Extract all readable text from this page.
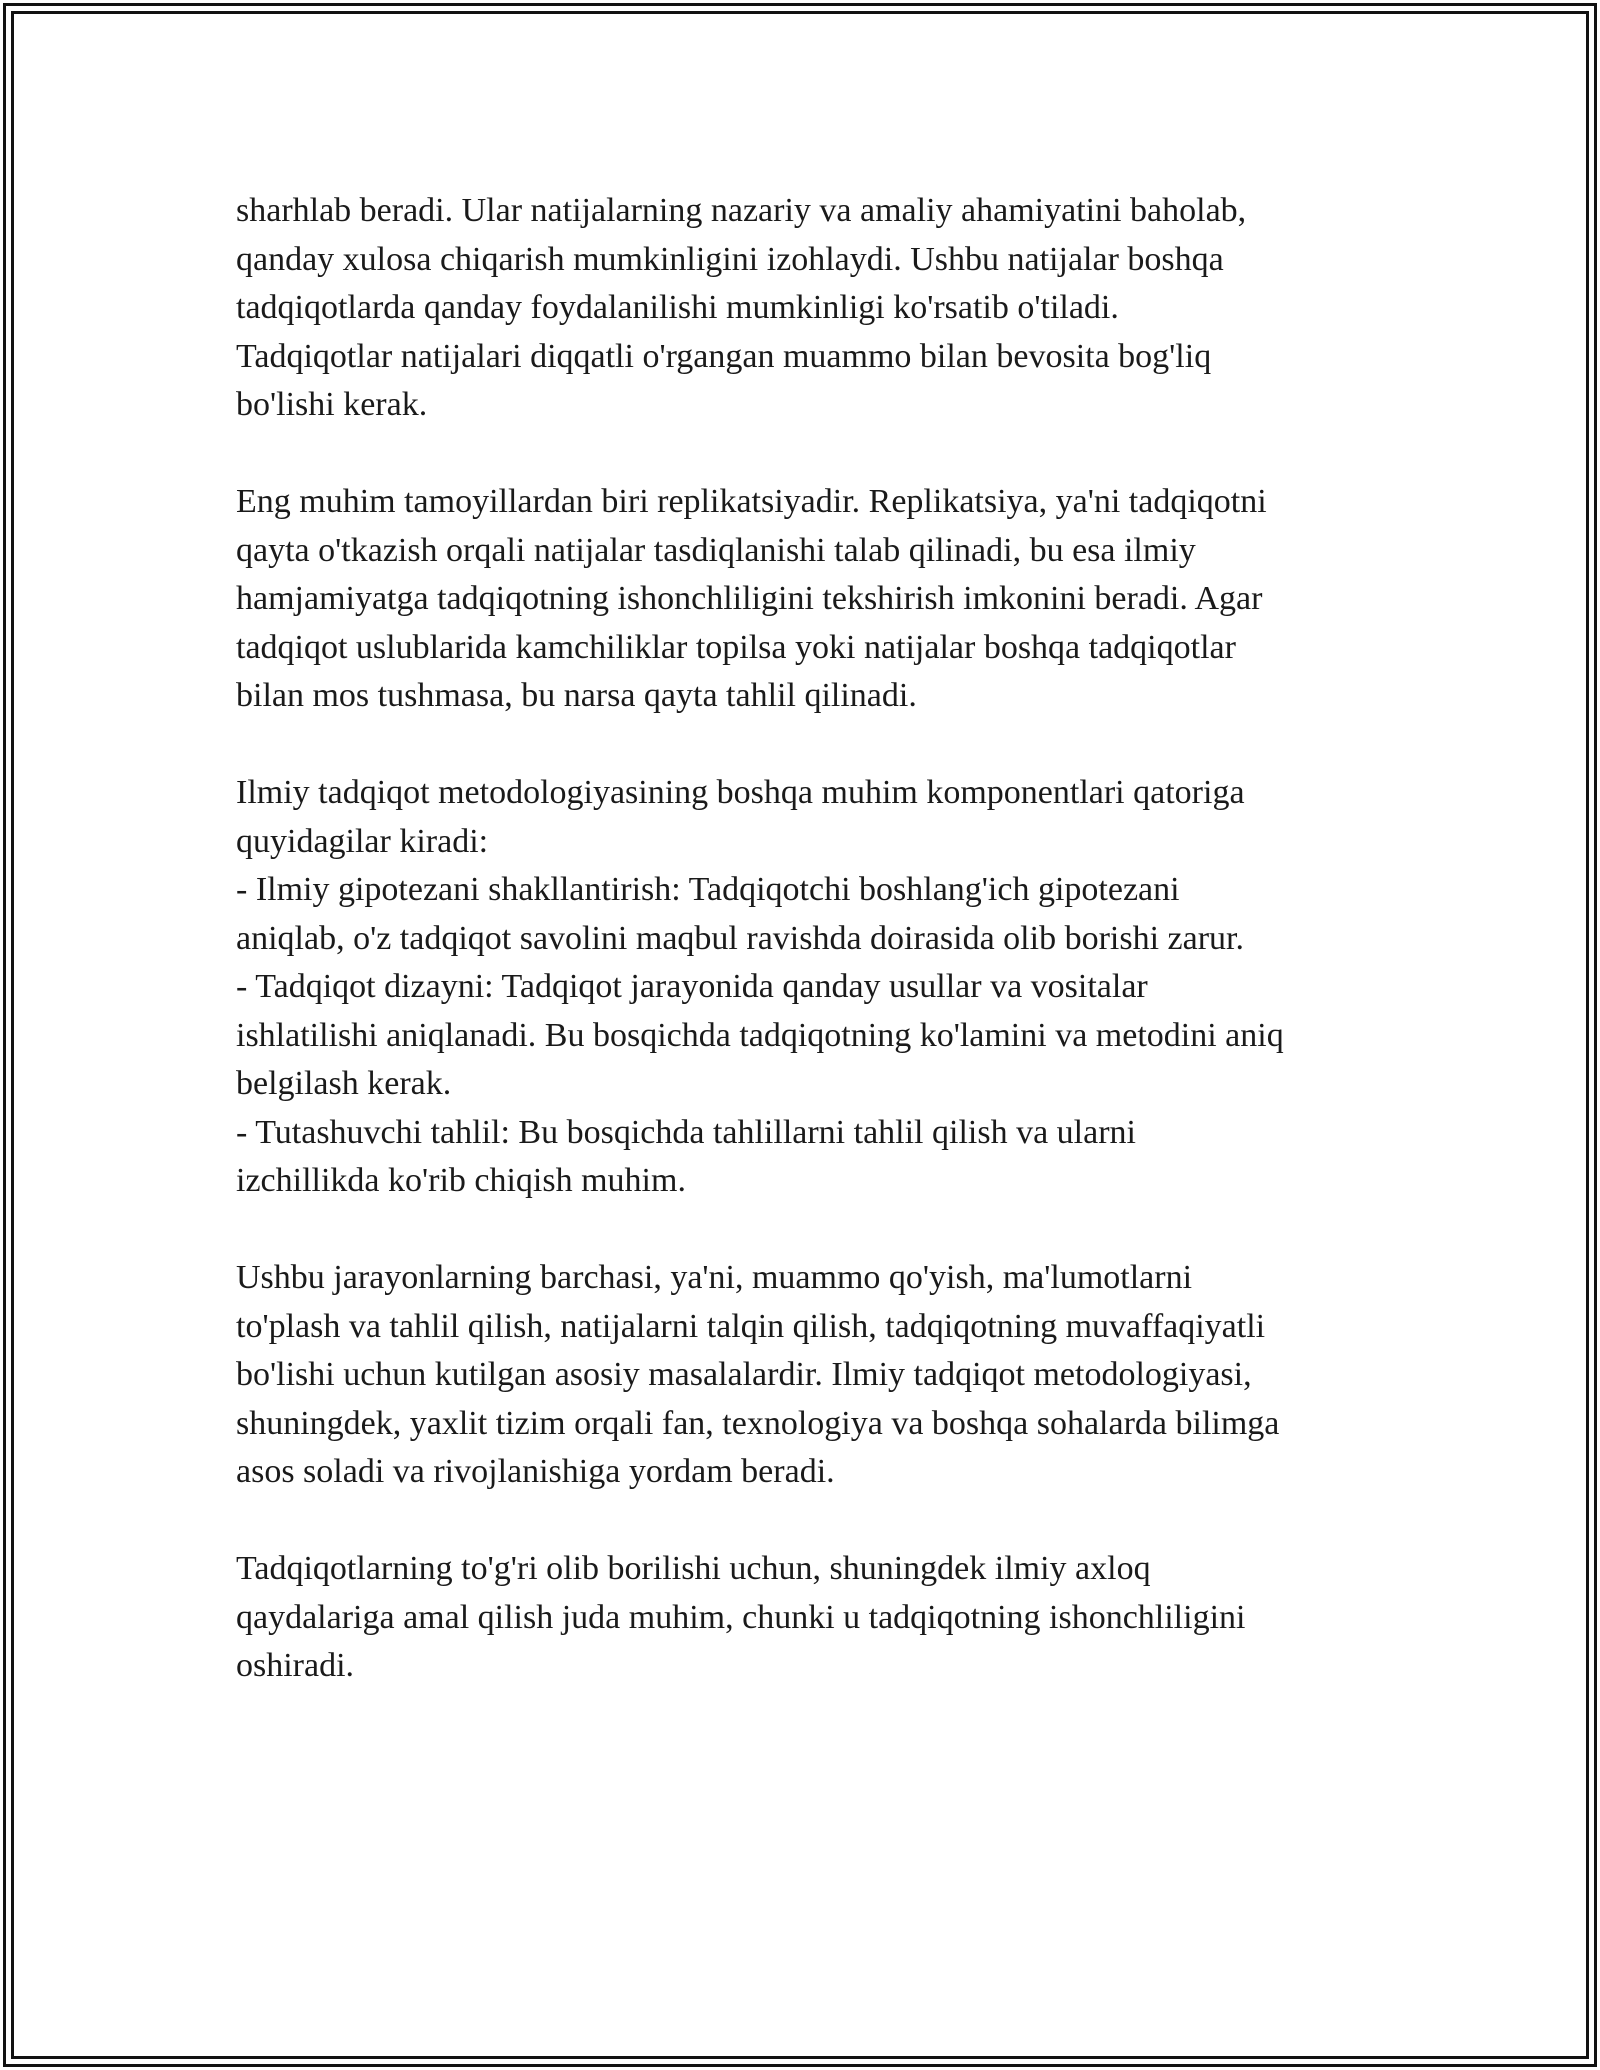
sharhlab beradi. Ular natijalarning nazariy va amaliy ahamiyatini baholab,
qanday xulosa chiqarish mumkinligini izohlaydi. Ushbu natijalar boshqa
tadqiqotlarda qanday foydalanilishi mumkinligi ko'rsatib o'tiladi.
Tadqiqotlar natijalari diqqatli o'rgangan muammo bilan bevosita bog'liq
bo'lishi kerak.

Eng muhim tamoyillardan biri replikatsiyadir. Replikatsiya, ya'ni tadqiqotni
qayta o'tkazish orqali natijalar tasdiqlanishi talab qilinadi, bu esa ilmiy
hamjamiyatga tadqiqotning ishonchliligini tekshirish imkonini beradi. Agar
tadqiqot uslublarida kamchiliklar topilsa yoki natijalar boshqa tadqiqotlar
bilan mos tushmasa, bu narsa qayta tahlil qilinadi.

Ilmiy tadqiqot metodologiyasining boshqa muhim komponentlari qatoriga
quyidagilar kiradi:
- Ilmiy gipotezani shakllantirish: Tadqiqotchi boshlang'ich gipotezani
aniqlab, o'z tadqiqot savolini maqbul ravishda doirasida olib borishi zarur.
- Tadqiqot dizayni: Tadqiqot jarayonida qanday usullar va vositalar
ishlatilishi aniqlanadi. Bu bosqichda tadqiqotning ko'lamini va metodini aniq
belgilash kerak.
- Tutashuvchi tahlil: Bu bosqichda tahlillarni tahlil qilish va ularni
izchillikda ko'rib chiqish muhim.

Ushbu jarayonlarning barchasi, ya'ni, muammo qo'yish, ma'lumotlarni
to'plash va tahlil qilish, natijalarni talqin qilish, tadqiqotning muvaffaqiyatli
bo'lishi uchun kutilgan asosiy masalalardir. Ilmiy tadqiqot metodologiyasi,
shuningdek, yaxlit tizim orqali fan, texnologiya va boshqa sohalarda bilimga
asos soladi va rivojlanishiga yordam beradi.

Tadqiqotlarning to'g'ri olib borilishi uchun, shuningdek ilmiy axloq
qaydalariga amal qilish juda muhim, chunki u tadqiqotning ishonchliligini
oshiradi.
